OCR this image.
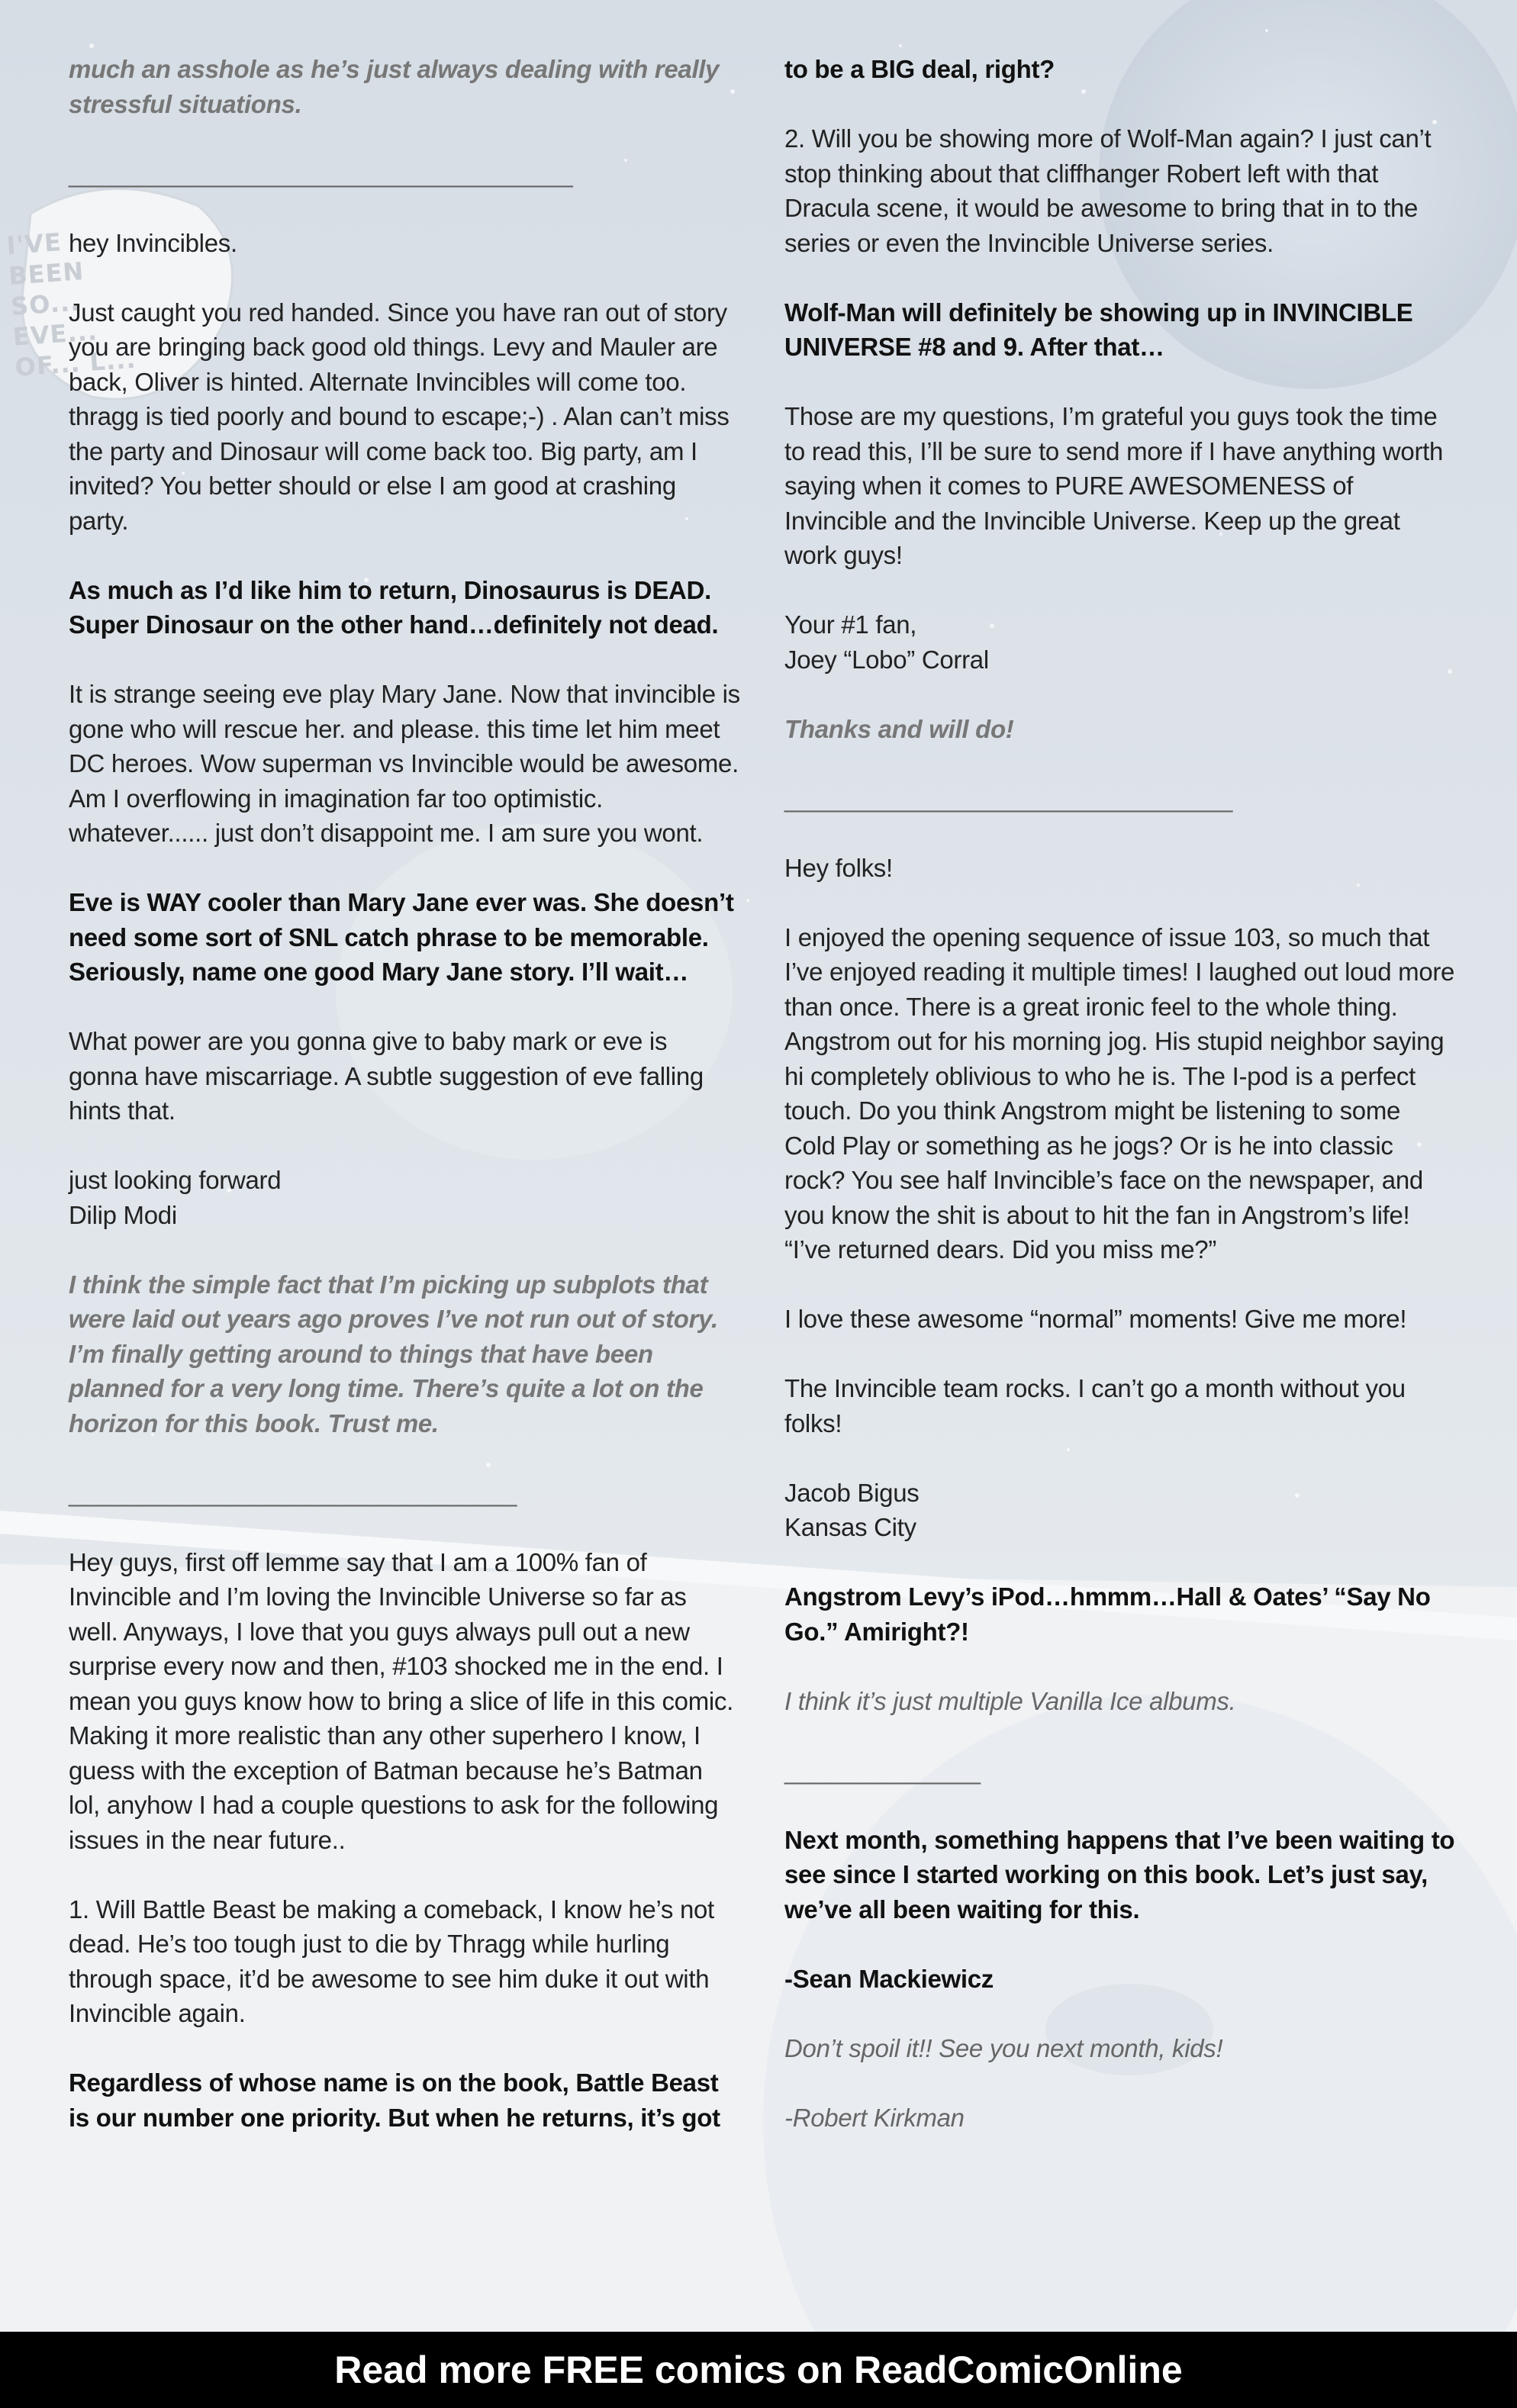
I'VE BEEN SO... EVE... OF... L...
much an asshole as he’s just always dealing with really stressful situations.
____________________________________
hey Invincibles.
Just caught you red handed. Since you have ran out of story you are bringing back good old things. Levy and Mauler are back, Oliver is hinted. Alternate Invincibles will come too. thragg is tied poorly and bound to escape;-) . Alan can’t miss the party and Dinosaur will come back too. Big party, am I invited? You better should or else I am good at crashing party.
As much as I’d like him to return, Dinosaurus is DEAD. Super Dinosaur on the other hand…definitely not dead.
It is strange seeing eve play Mary Jane. Now that invincible is gone who will rescue her. and please. this time let him meet DC heroes. Wow superman vs Invincible would be awesome. Am I overflowing in imagination far too optimistic. whatever...... just don’t disappoint me. I am sure you wont.
Eve is WAY cooler than Mary Jane ever was. She doesn’t need some sort of SNL catch phrase to be memorable. Seriously, name one good Mary Jane story. I’ll wait…
What power are you gonna give to baby mark or eve is gonna have miscarriage. A subtle suggestion of eve falling hints that.
just looking forward
Dilip Modi
I think the simple fact that I’m picking up subplots that were laid out years ago proves I’ve not run out of story. I’m finally getting around to things that have been planned for a very long time. There’s quite a lot on the horizon for this book. Trust me.
________________________________
Hey guys, first off lemme say that I am a 100% fan of Invincible and I’m loving the Invincible Universe so far as well. Anyways, I love that you guys always pull out a new surprise every now and then, #103 shocked me in the end. I mean you guys know how to bring a slice of life in this comic. Making it more realistic than any other superhero I know, I guess with the exception of Batman because he’s Batman lol, anyhow I had a couple questions to ask for the following issues in the near future..
1. Will Battle Beast be making a comeback, I know he’s not dead. He’s too tough just to die by Thragg while hurling through space, it’d be awesome to see him duke it out with Invincible again.
Regardless of whose name is on the book, Battle Beast is our number one priority. But when he returns, it’s got
to be a BIG deal, right?
2. Will you be showing more of Wolf-Man again? I just can’t stop thinking about that cliffhanger Robert left with that Dracula scene, it would be awesome to bring that in to the series or even the Invincible Universe series.
Wolf-Man will definitely be showing up in INVINCIBLE UNIVERSE #8 and 9. After that…
Those are my questions, I’m grateful you guys took the time to read this, I’ll be sure to send more if I have anything worth saying when it comes to PURE AWESOMENESS of Invincible and the Invincible Universe. Keep up the great work guys!
Your #1 fan,
Joey “Lobo” Corral
Thanks and will do!
________________________________
Hey folks!
I enjoyed the opening sequence of issue 103, so much that I’ve enjoyed reading it multiple times! I laughed out loud more than once. There is a great ironic feel to the whole thing. Angstrom out for his morning jog. His stupid neighbor saying hi completely oblivious to who he is. The I-pod is a perfect touch. Do you think Angstrom might be listening to some Cold Play or something as he jogs? Or is he into classic rock? You see half Invincible’s face on the newspaper, and you know the shit is about to hit the fan in Angstrom’s life! “I’ve returned dears. Did you miss me?”
I love these awesome “normal” moments! Give me more!
The Invincible team rocks. I can’t go a month without you folks!
Jacob Bigus
Kansas City
Angstrom Levy’s iPod…hmmm…Hall & Oates’ “Say No Go.” Amiright?!
I think it’s just multiple Vanilla Ice albums.
______________
Next month, something happens that I’ve been waiting to see since I started working on this book. Let’s just say, we’ve all been waiting for this.
-Sean Mackiewicz
Don’t spoil it!! See you next month, kids!
-Robert Kirkman
Read more FREE comics on ReadComicOnline
